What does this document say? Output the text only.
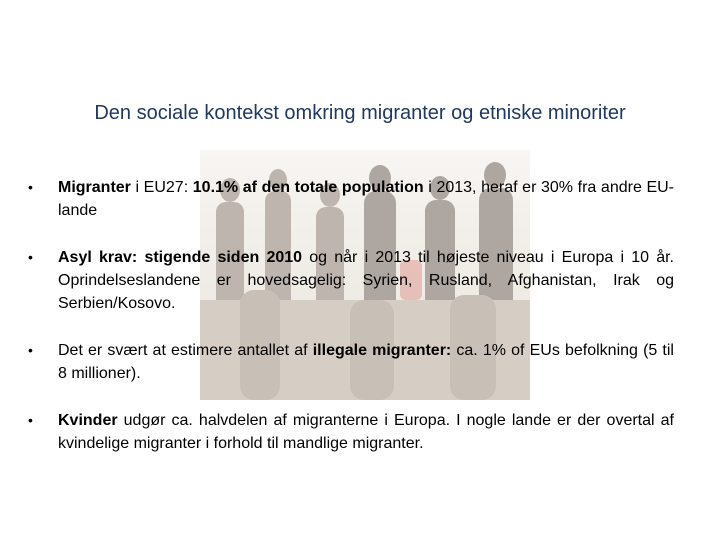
Den sociale kontekst omkring migranter og etniske minoriter
• Migranter i EU27: 10.1% af den totale population i 2013, heraf er 30% fra andre EU-lande
• Asyl krav: stigende siden 2010 og når i 2013 til højeste niveau i Europa i 10 år. Oprindelseslandene er hovedsagelig: Syrien, Rusland, Afghanistan, Irak og Serbien/Kosovo.
• Det er svært at estimere antallet af illegale migranter: ca. 1% of EUs befolkning (5 til 8 millioner).
• Kvinder udgør ca. halvdelen af migranterne i Europa. I nogle lande er der overtal af kvindelige migranter i forhold til mandlige migranter.
